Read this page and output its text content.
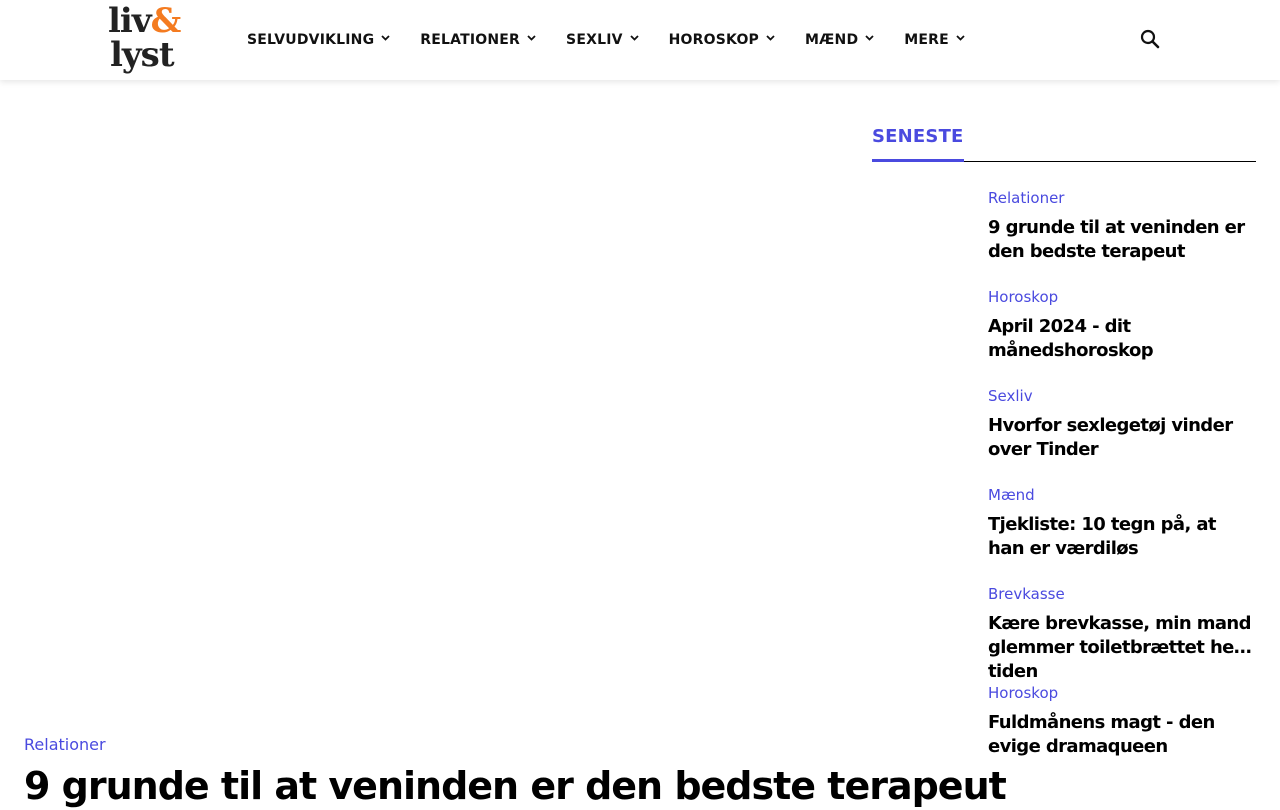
liv&
lyst	SELVUDVIKLING	RELATIONER	SEXLIV	HOROSKOP	MÆND	MERE
Relationer
9 grunde til at veninden er den bedste terapeut
SENESTE
Relationer
9 grunde til at veninden er den bedste terapeut
Horoskop
April 2024 - dit månedshoroskop
Sexliv
Hvorfor sexlegetøj vinder over Tinder
Mænd
Tjekliste: 10 tegn på, at han er værdiløs
Brevkasse
Kære brevkasse, min mand glemmer toiletbrættet hele tiden
Horoskop
Fuldmånens magt - den evige dramaqueen
